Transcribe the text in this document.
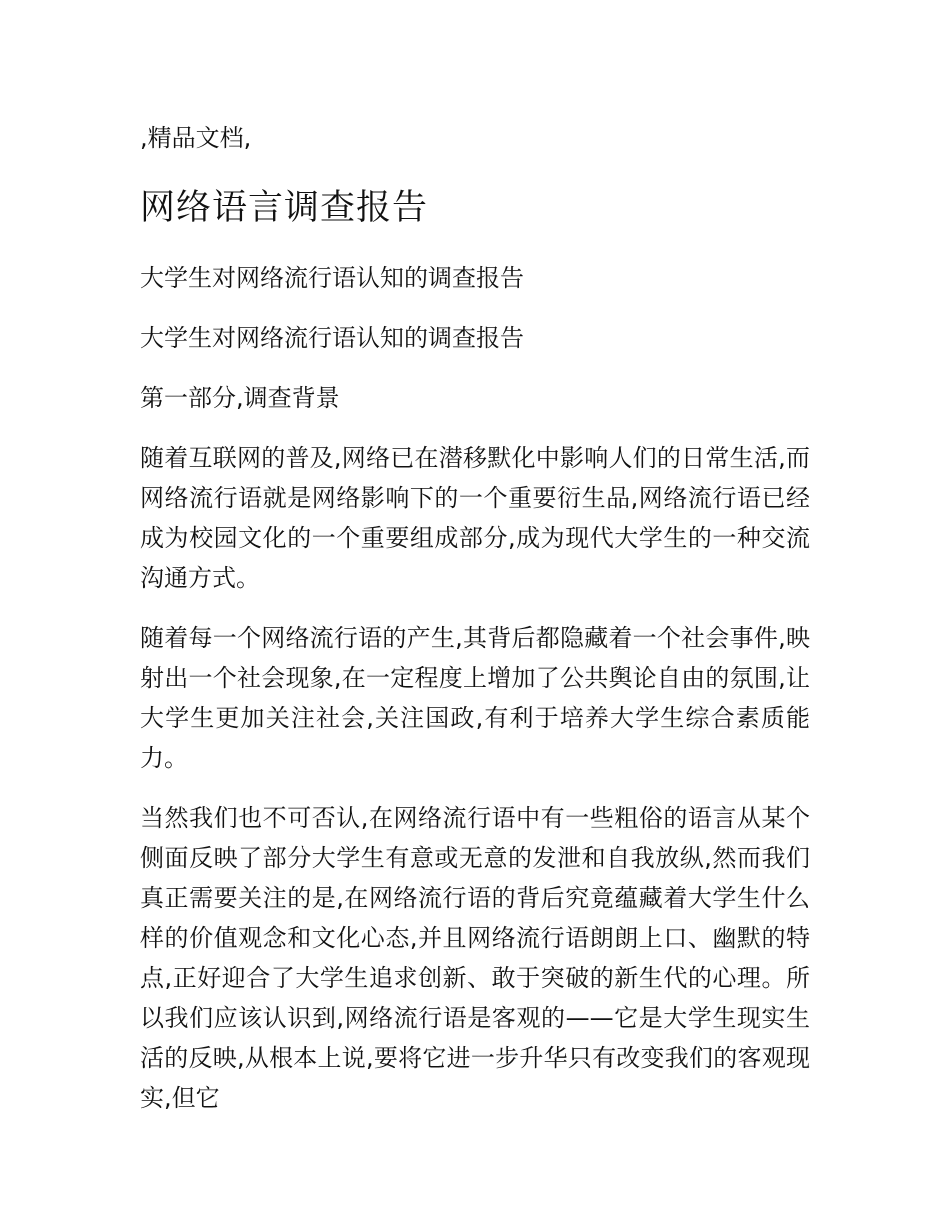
,精品文档,
网络语言调查报告
大学生对网络流行语认知的调查报告
大学生对网络流行语认知的调查报告
第一部分,调查背景

随着互联网的普及,网络已在潜移默化中影响人们的日常生活,而网络流行语就是网络影响下的一个重要衍生品,网络流行语已经成为校园文化的一个重要组成部分,成为现代大学生的一种交流沟通方式。

随着每一个网络流行语的产生,其背后都隐藏着一个社会事件,映射出一个社会现象,在一定程度上增加了公共舆论自由的氛围,让大学生更加关注社会,关注国政,有利于培养大学生综合素质能力。

当然我们也不可否认,在网络流行语中有一些粗俗的语言从某个侧面反映了部分大学生有意或无意的发泄和自我放纵,然而我们真正需要关注的是,在网络流行语的背后究竟蕴藏着大学生什么样的价值观念和文化心态,并且网络流行语朗朗上口、幽默的特点,正好迎合了大学生追求创新、敢于突破的新生代的心理。所以我们应该认识到,网络流行语是客观的——它是大学生现实生活的反映,从根本上说,要将它进一步升华只有改变我们的客观现实,但它
